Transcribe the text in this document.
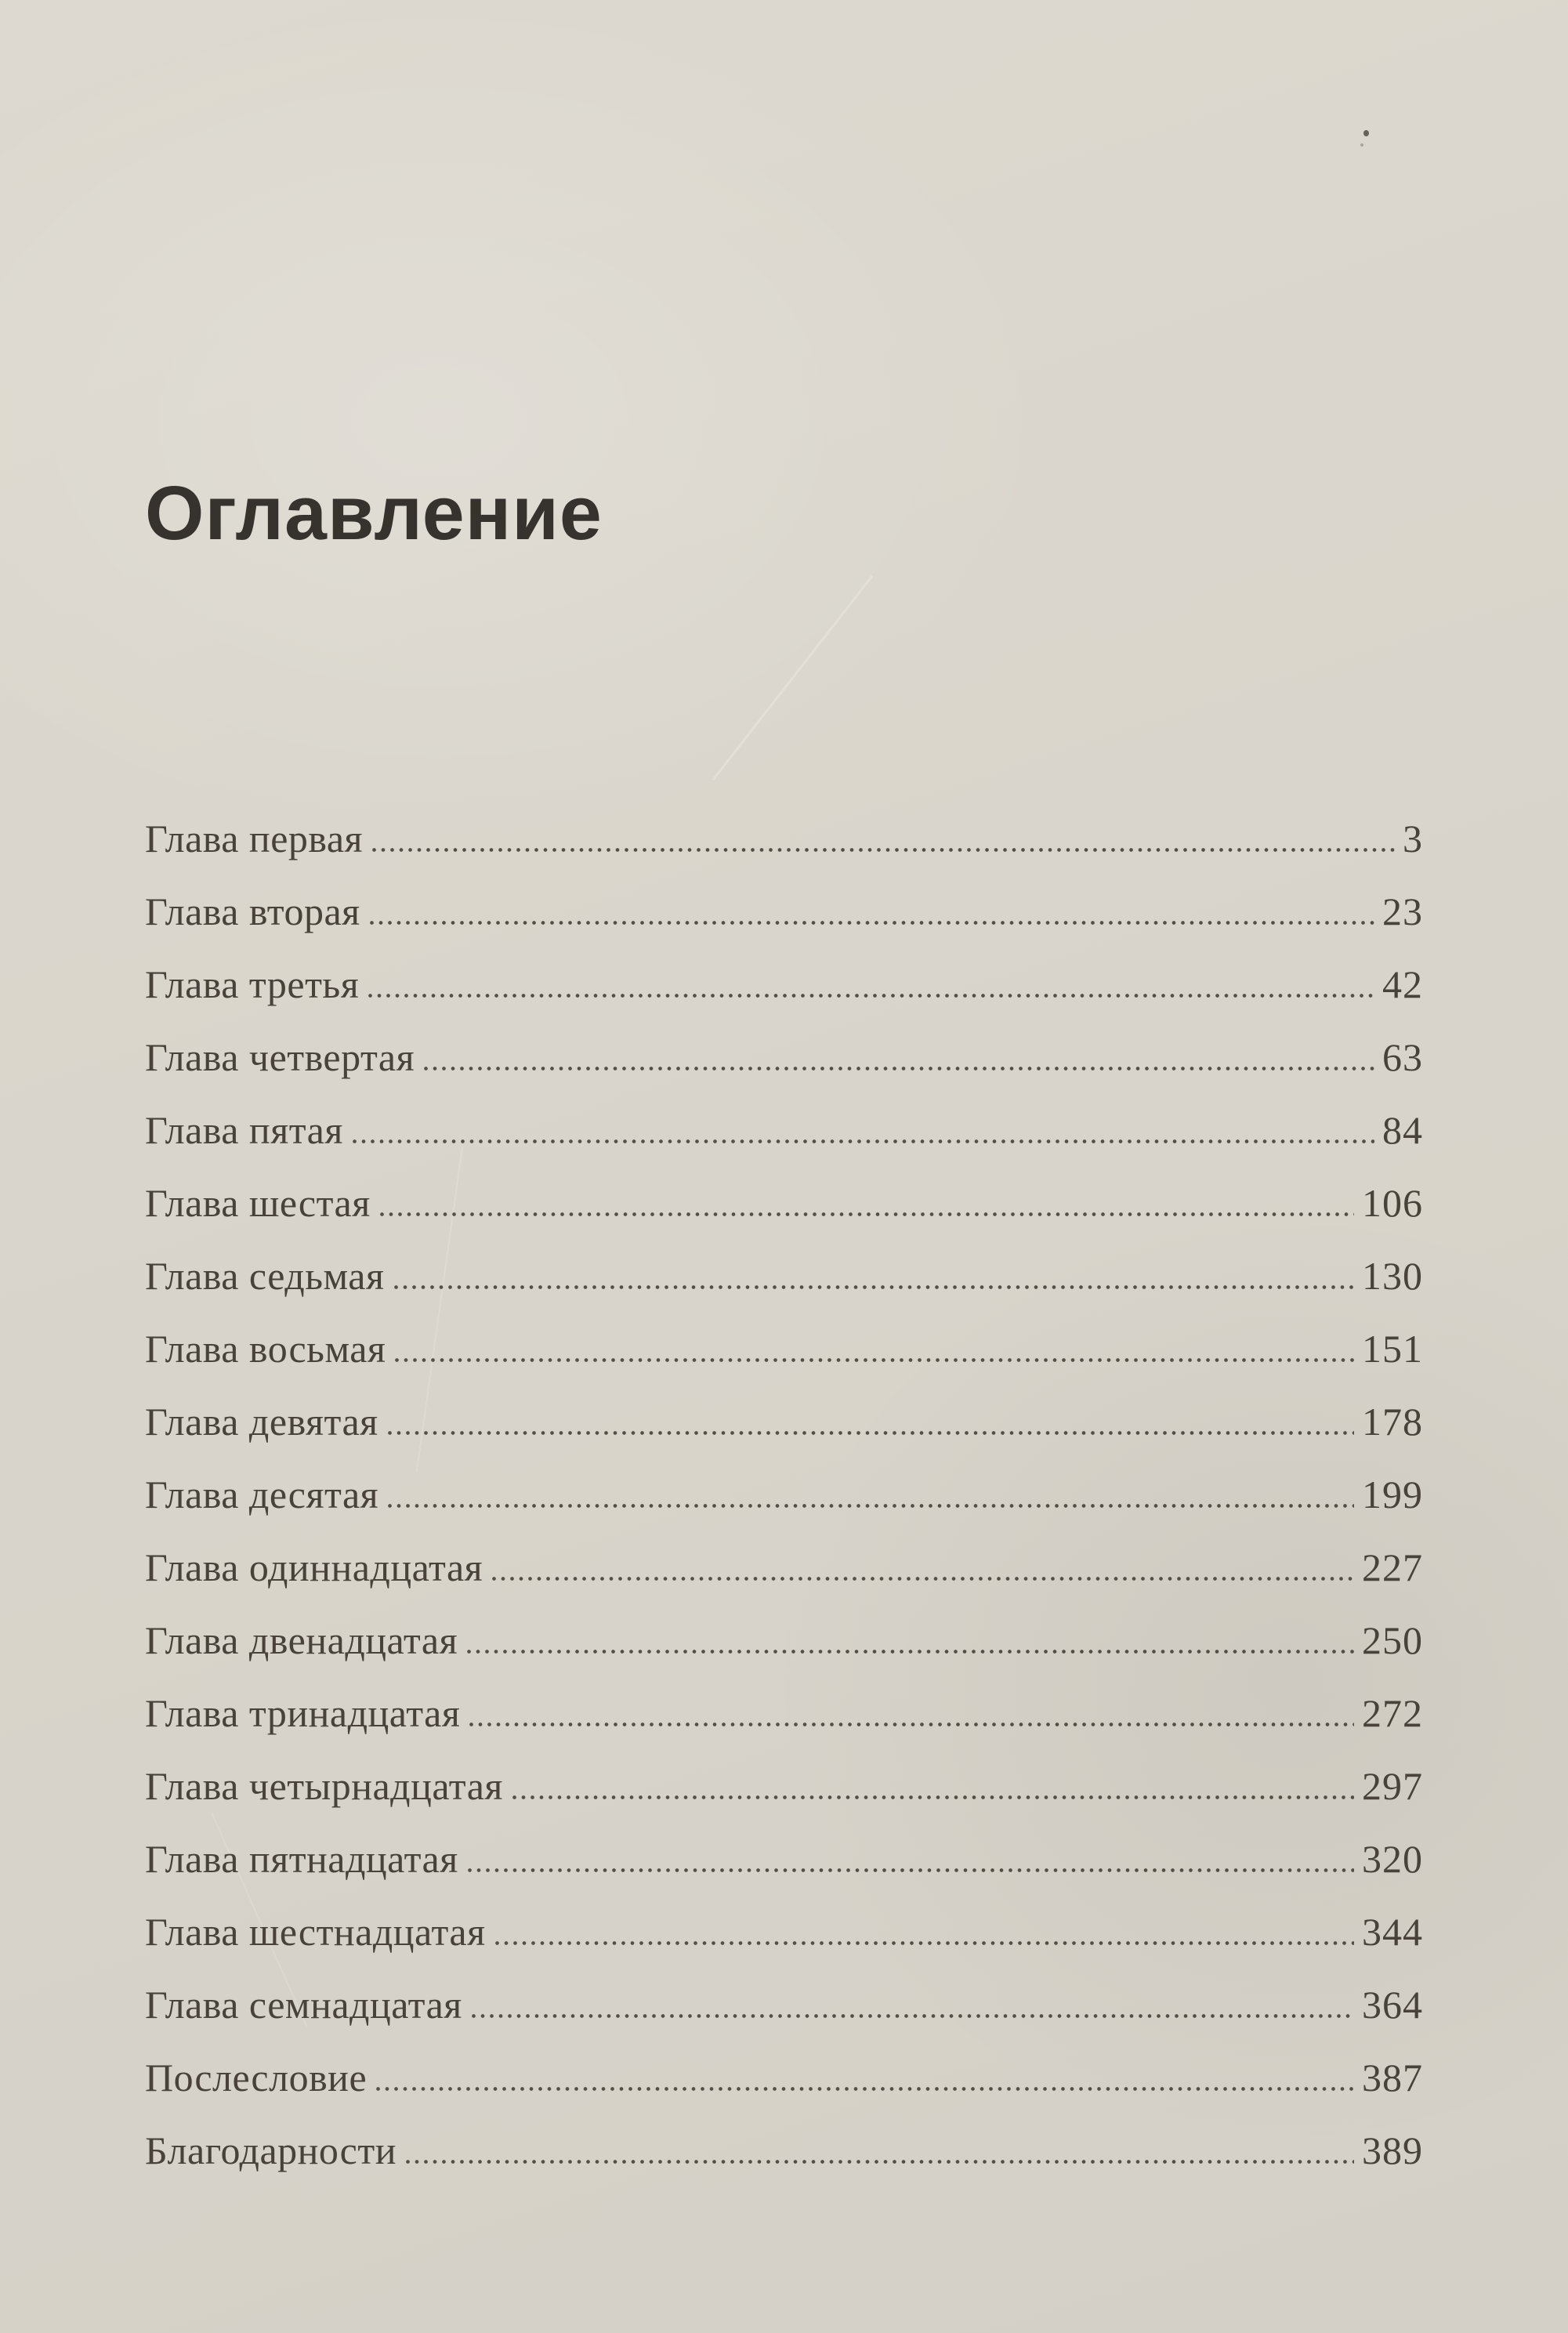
Оглавление
Глава первая	3
Глава вторая	23
Глава третья	42
Глава четвертая	63
Глава пятая	84
Глава шестая	106
Глава седьмая	130
Глава восьмая	151
Глава девятая	178
Глава десятая	199
Глава одиннадцатая	227
Глава двенадцатая	250
Глава тринадцатая	272
Глава четырнадцатая	297
Глава пятнадцатая	320
Глава шестнадцатая	344
Глава семнадцатая	364
Послесловие	387
Благодарности	389
